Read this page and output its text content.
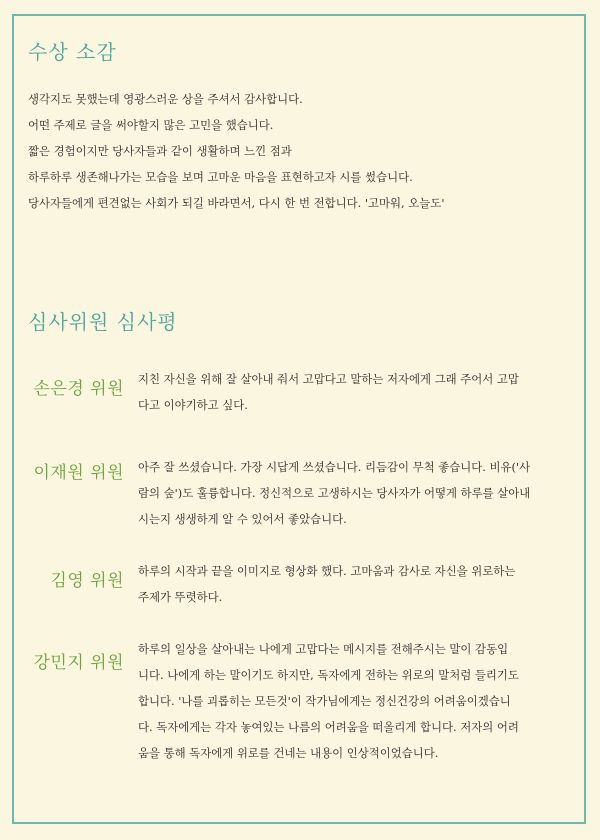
수상 소감
생각지도 못했는데 영광스러운 상을 주셔서 감사합니다.
어떤 주제로 글을 써야할지 많은 고민을 했습니다.
짧은 경험이지만 당사자들과 같이 생활하며 느낀 점과
하루하루 생존해나가는 모습을 보며 고마운 마음을 표현하고자 시를 썼습니다.
당사자들에게 편견없는 사회가 되길 바라면서, 다시 한 번 전합니다. '고마워, 오늘도'
심사위원 심사평
손은경 위원 지친 자신을 위해 잘 살아내 줘서 고맙다고 말하는 저자에게 그래 주어서 고맙
다고 이야기하고 싶다.
이재원 위원 아주 잘 쓰셨습니다. 가장 시답게 쓰셨습니다. 리듬감이 무척 좋습니다. 비유('사
람의 숲')도 훌륭합니다. 정신적으로 고생하시는 당사자가 어떻게 하루를 살아내
시는지 생생하게 알 수 있어서 좋았습니다.
김영 위원 하루의 시작과 끝을 이미지로 형상화 했다. 고마움과 감사로 자신을 위로하는
주제가 뚜렷하다.
강민지 위원
하루의 일상을 살아내는 나에게 고맙다는 메시지를 전해주시는 말이 감동입
니다. 나에게 하는 말이기도 하지만, 독자에게 전하는 위로의 말처럼 들리기도
합니다. '나를 괴롭히는 모든것'이 작가님에게는 정신건강의 어려움이겠습니
다. 독자에게는 각자 놓여있는 나름의 어려움을 떠올리게 합니다. 저자의 어려
움을 통해 독자에게 위로를 건네는 내용이 인상적이었습니다.
